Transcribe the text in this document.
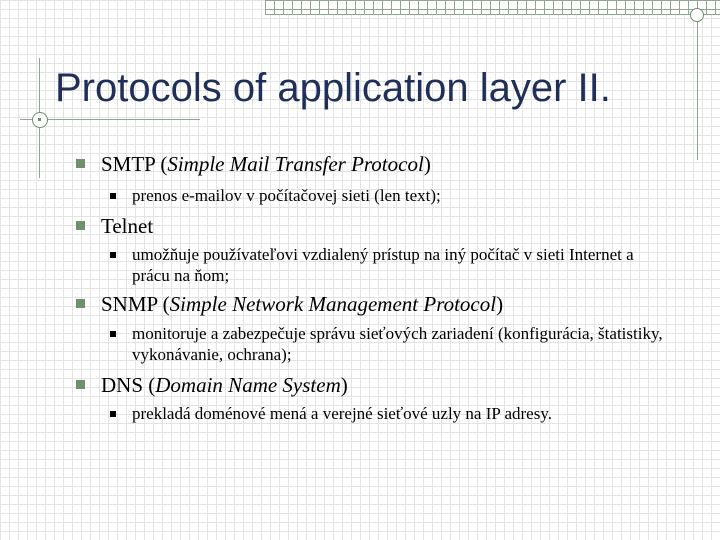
Protocols of application layer II.
SMTP (Simple Mail Transfer Protocol)
prenos e-mailov v počítačovej sieti (len text);
Telnet
umožňuje používateľovi vzdialený prístup na iný počítač v sieti Internet a prácu na ňom;
SNMP (Simple Network Management Protocol)
monitoruje a zabezpečuje správu sieťových zariadení (konfigurácia, štatistiky, vykonávanie, ochrana);
DNS (Domain Name System)
prekladá doménové mená a verejné sieťové uzly na IP adresy.
